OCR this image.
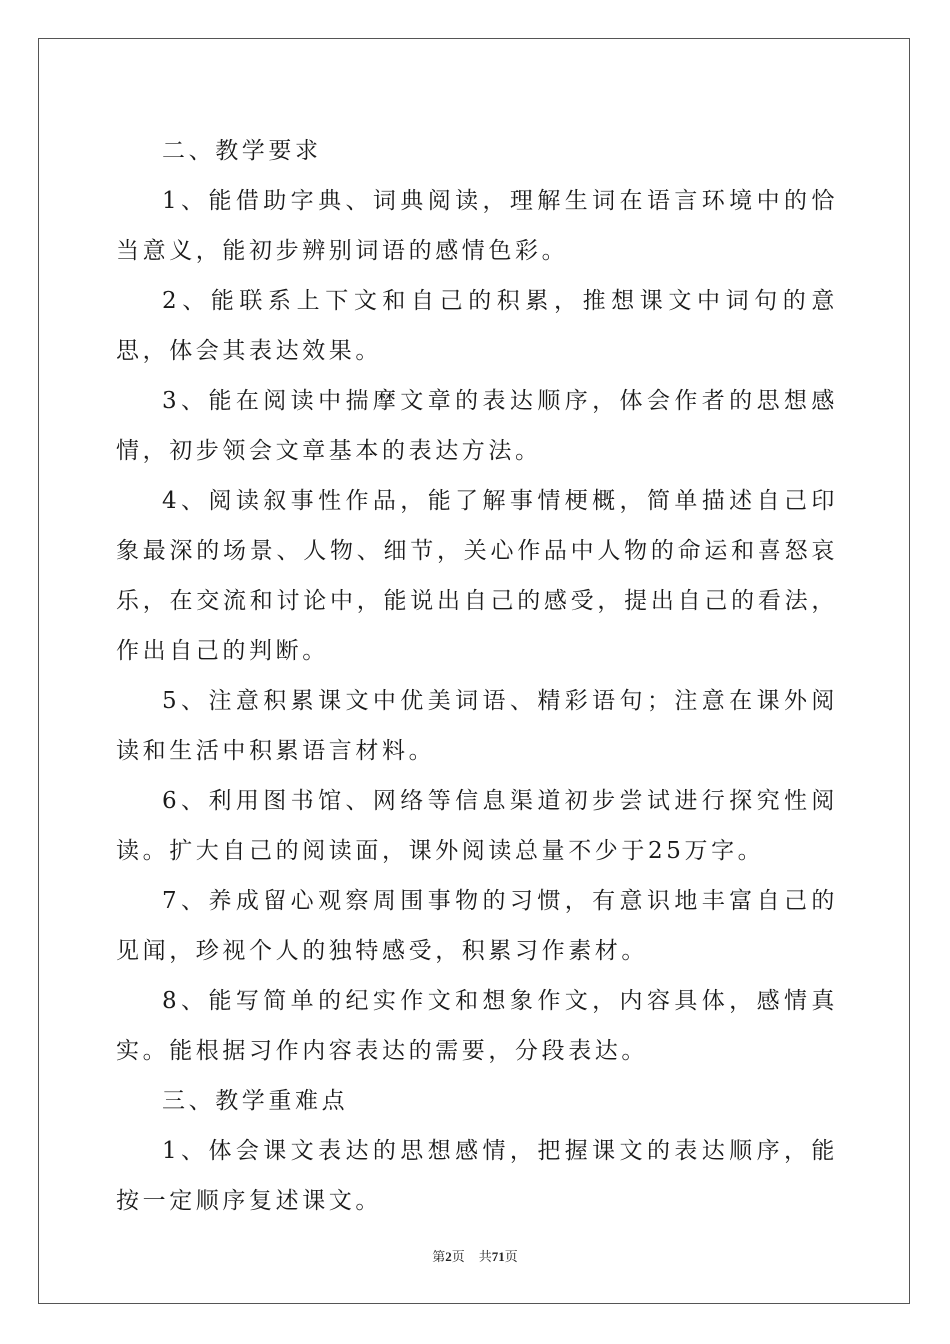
二、教学要求

1、能借助字典、词典阅读，理解生词在语言环境中的恰当意义，能初步辨别词语的感情色彩。

2、能联系上下文和自己的积累，推想课文中词句的意思，体会其表达效果。

3、能在阅读中揣摩文章的表达顺序，体会作者的思想感情，初步领会文章基本的表达方法。

4、阅读叙事性作品，能了解事情梗概，简单描述自己印象最深的场景、人物、细节，关心作品中人物的命运和喜怒哀乐，在交流和讨论中，能说出自己的感受，提出自己的看法，作出自己的判断。

5、注意积累课文中优美词语、精彩语句；注意在课外阅读和生活中积累语言材料。

6、利用图书馆、网络等信息渠道初步尝试进行探究性阅读。扩大自己的阅读面，课外阅读总量不少于25万字。

7、养成留心观察周围事物的习惯，有意识地丰富自己的见闻，珍视个人的独特感受，积累习作素材。

8、能写简单的纪实作文和想象作文，内容具体，感情真实。能根据习作内容表达的需要，分段表达。

三、教学重难点

1、体会课文表达的思想感情，把握课文的表达顺序，能按一定顺序复述课文。

第2页 共71页
